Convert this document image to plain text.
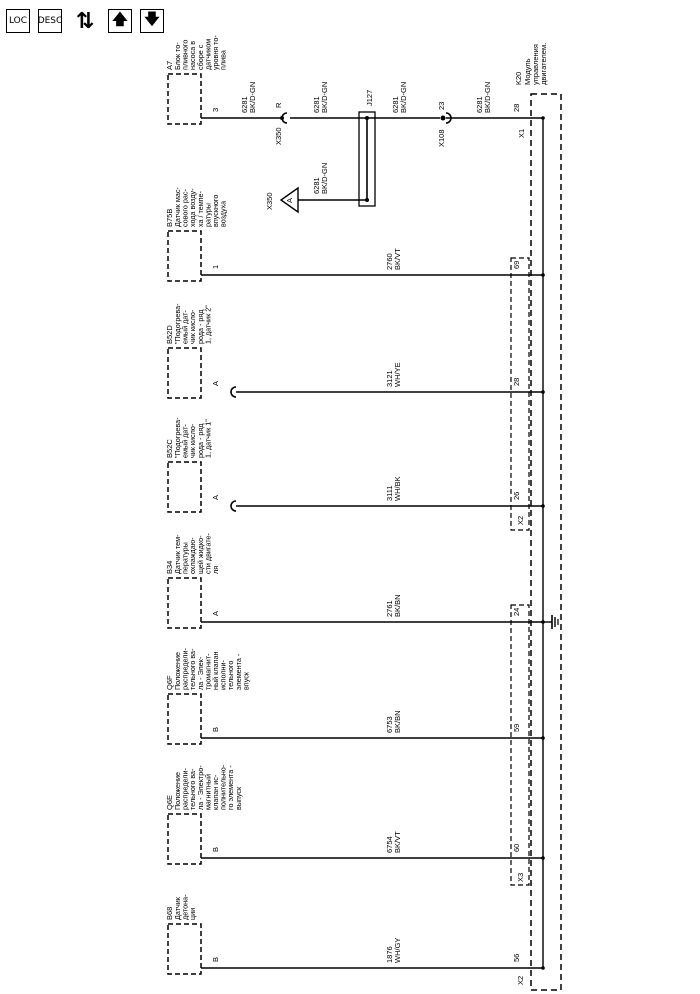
LOC	DESC ⇅	🡅 🡇
K20 Модуль управления двигателем.
X1
X2
X3
X2
A7 Блок то-
пливного
насоса в
сборе с
датчиком
уровня то-
плива
3	6281 BK/D-GN	28
B75B Датчик мас-
сового рас-
хода возду-
ха / темпе-
ратуры
впускного
воздуха
1	2760 BK/VT	69
B52D "Подогрева-
емый дат-
чик кисло-
рода - ряд
1, датчик 2"
A	3121 WH/YE	28
B52C "Подогрева-
емый дат-
чик кисло-
рода - ряд
1, датчик 1"
A	3111 WH/BK	26
B34 Датчик тем-
пературы
охлаждаю-
щей жидко-
сти двигате-
ля
A	2761 BK/BN	24
Q6F Положение
распредели-
тельного ва-
ла - Элек-
тромагнит-
ный клапан
исполни-
тельного
элемента -
впуск
B	6753 BK/BN	59
Q6E Положение
распредели-
тельного ва-
ла - Электро-
магнитный
клапан ис-
полнительно-
го элемента -
выпуск
B	6754 BK/VT	60
B68 Датчик
детона-
ции
B	1876 WH/GY	56
6281 BK/D-GN R
X350
6281 BK/D-GN	6281 BK/D-GN	23
X108
J127
6281 BK/D-GN
A
X350
